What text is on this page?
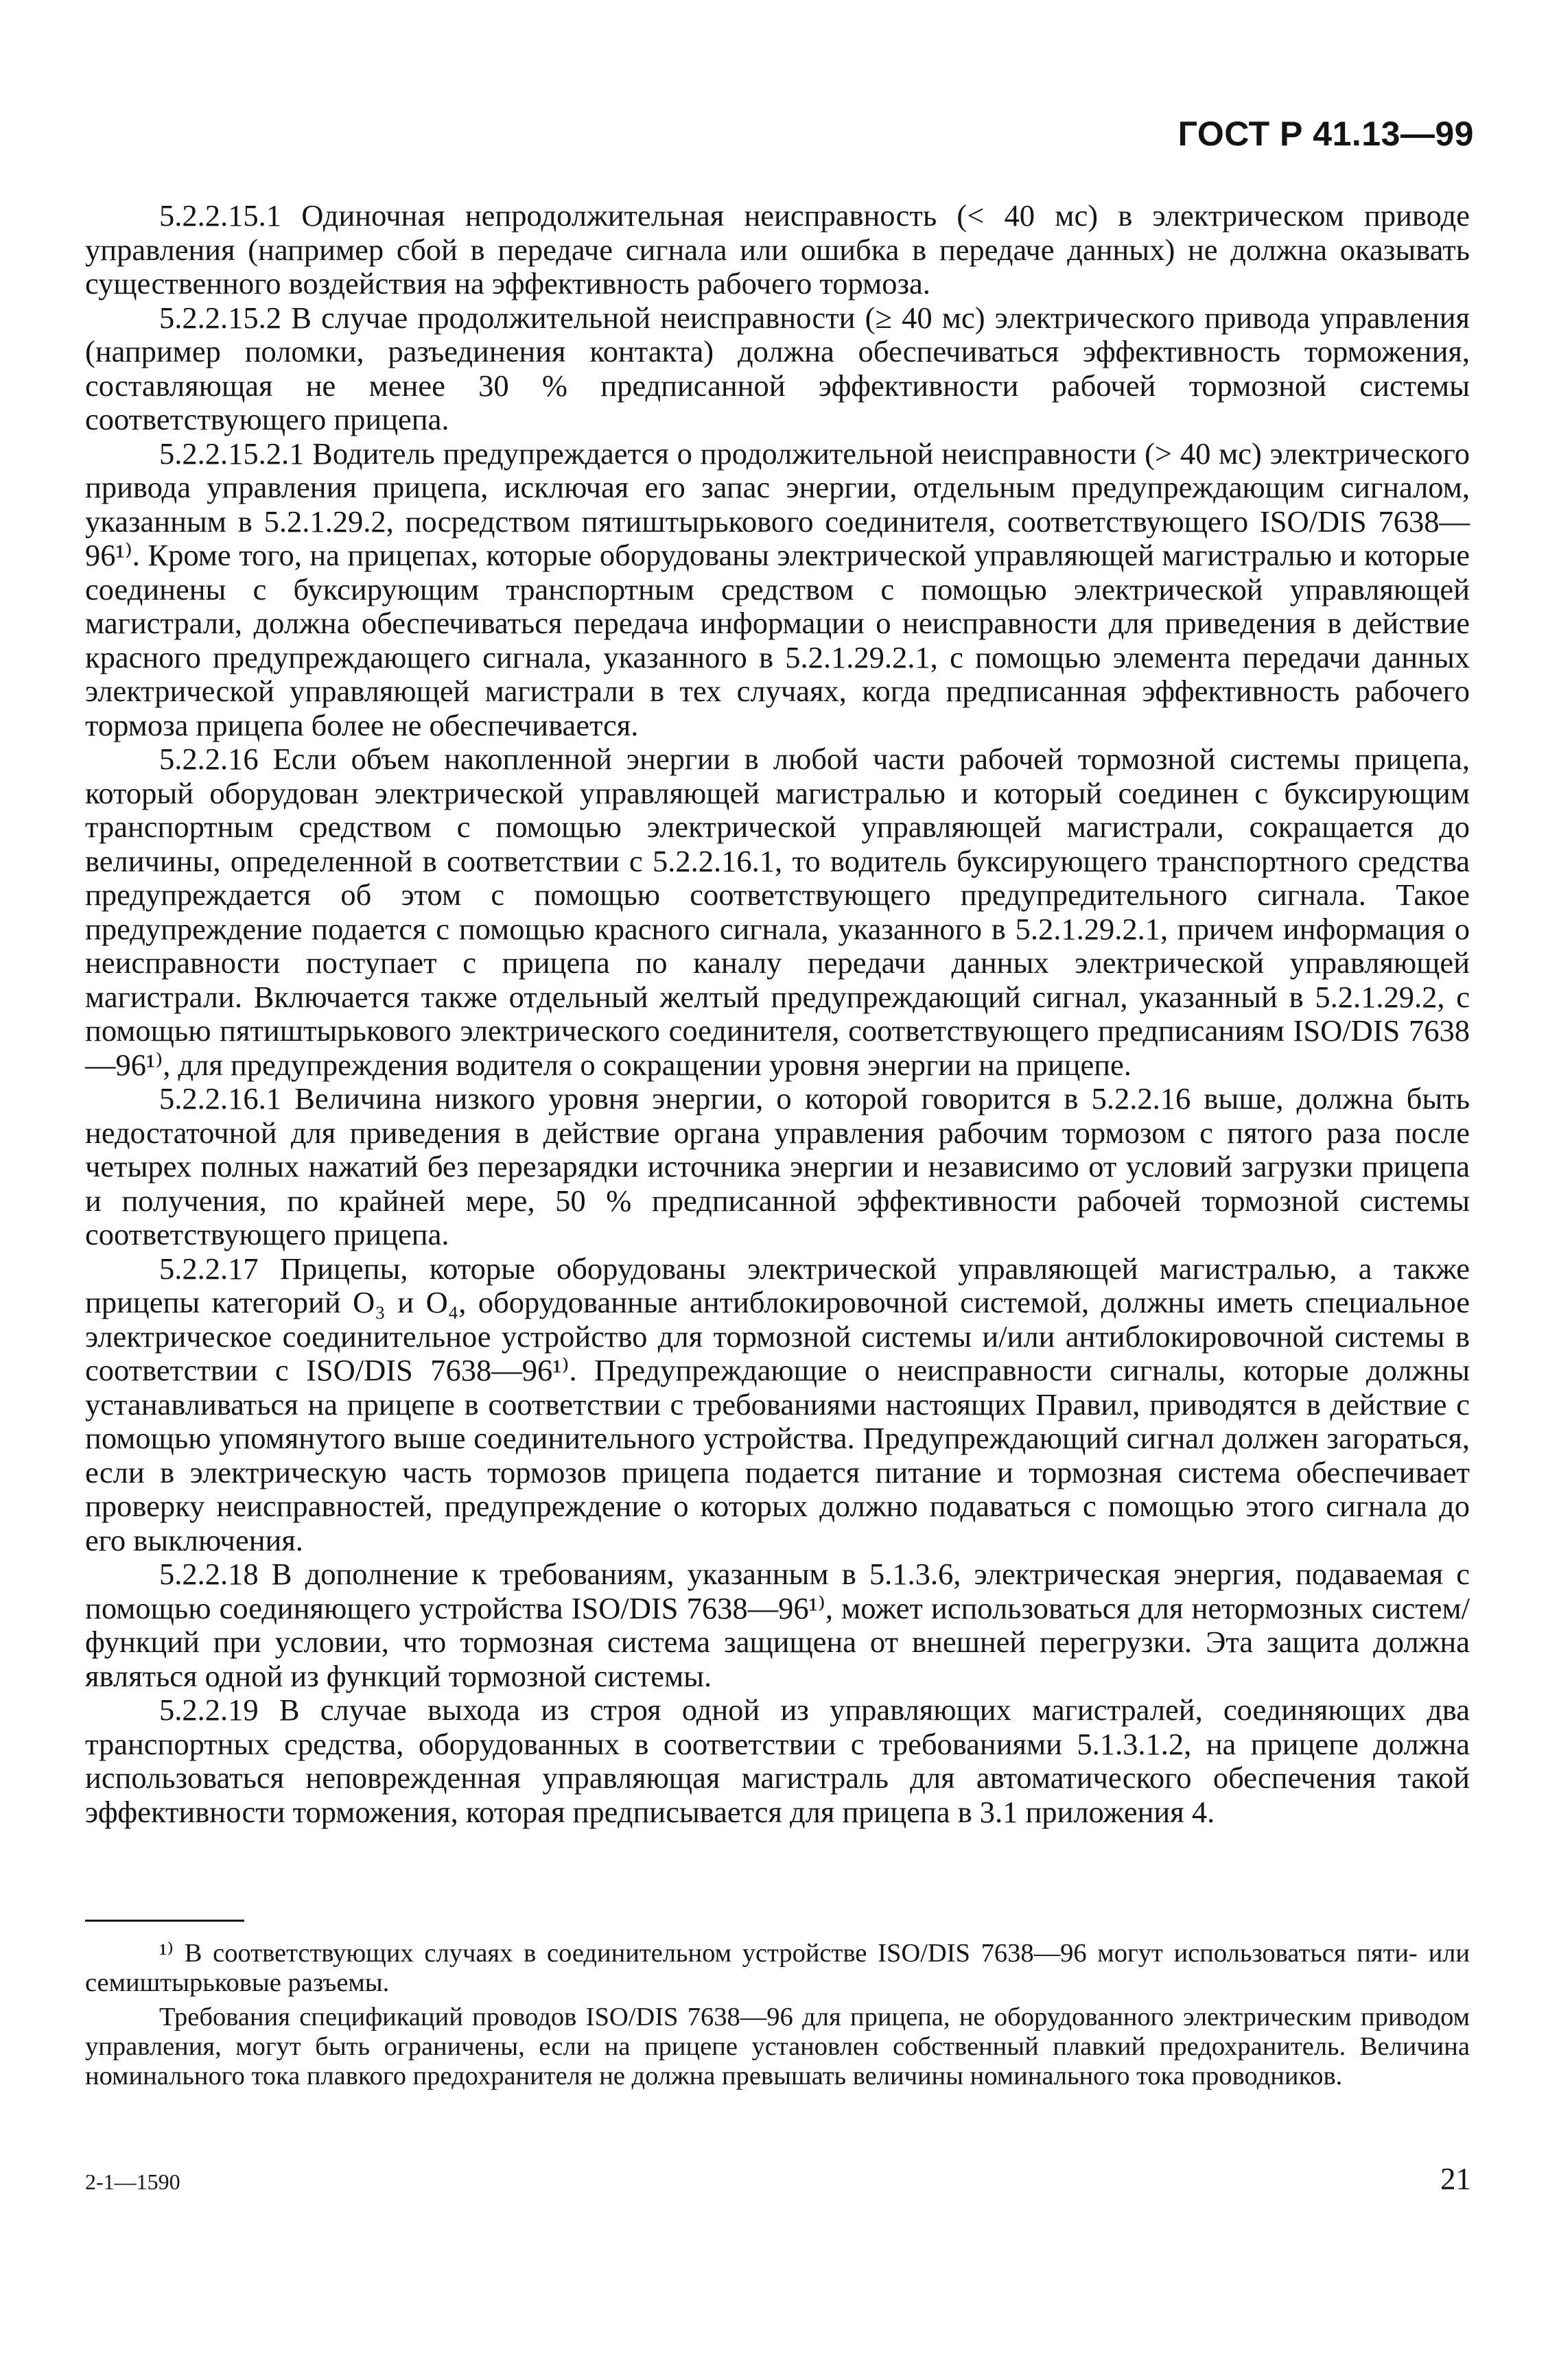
ГОСТ Р 41.13—99

5.2.2.15.1 Одиночная непродолжительная неисправность (< 40 мс) в электрическом приводе управления (например сбой в передаче сигнала или ошибка в передаче данных) не должна оказывать существенного воздействия на эффективность рабочего тормоза.

5.2.2.15.2 В случае продолжительной неисправности (≥ 40 мс) электрического привода управления (например поломки, разъединения контакта) должна обеспечиваться эффективность торможения, составляющая не менее 30 % предписанной эффективности рабочей тормозной системы соответствующего прицепа.

5.2.2.15.2.1 Водитель предупреждается о продолжительной неисправности (> 40 мс) электрического привода управления прицепа, исключая его запас энергии, отдельным предупреждающим сигналом, указанным в 5.2.1.29.2, посредством пятиштырькового соединителя, соответствующего ISO/DIS 7638—96¹⁾. Кроме того, на прицепах, которые оборудованы электрической управляющей магистралью и которые соединены с буксирующим транспортным средством с помощью электрической управляющей магистрали, должна обеспечиваться передача информации о неисправности для приведения в действие красного предупреждающего сигнала, указанного в 5.2.1.29.2.1, с помощью элемента передачи данных электрической управляющей магистрали в тех случаях, когда предписанная эффективность рабочего тормоза прицепа более не обеспечивается.

5.2.2.16 Если объем накопленной энергии в любой части рабочей тормозной системы прицепа, который оборудован электрической управляющей магистралью и который соединен с буксирующим транспортным средством с помощью электрической управляющей магистрали, сокращается до величины, определенной в соответствии с 5.2.2.16.1, то водитель буксирующего транспортного средства предупреждается об этом с помощью соответствующего предупредительного сигнала. Такое предупреждение подается с помощью красного сигнала, указанного в 5.2.1.29.2.1, причем информация о неисправности поступает с прицепа по каналу передачи данных электрической управляющей магистрали. Включается также отдельный желтый предупреждающий сигнал, указанный в 5.2.1.29.2, с помощью пятиштырькового электрического соединителя, соответствующего предписаниям ISO/DIS 7638—96¹⁾, для предупреждения водителя о сокращении уровня энергии на прицепе.

5.2.2.16.1 Величина низкого уровня энергии, о которой говорится в 5.2.2.16 выше, должна быть недостаточной для приведения в действие органа управления рабочим тормозом с пятого раза после четырех полных нажатий без перезарядки источника энергии и независимо от условий загрузки прицепа и получения, по крайней мере, 50 % предписанной эффективности рабочей тормозной системы соответствующего прицепа.

5.2.2.17 Прицепы, которые оборудованы электрической управляющей магистралью, а также прицепы категорий O₃ и O₄, оборудованные антиблокировочной системой, должны иметь специальное электрическое соединительное устройство для тормозной системы и/или антиблокировочной системы в соответствии с ISO/DIS 7638—96¹⁾. Предупреждающие о неисправности сигналы, которые должны устанавливаться на прицепе в соответствии с требованиями настоящих Правил, приводятся в действие с помощью упомянутого выше соединительного устройства. Предупреждающий сигнал должен загораться, если в электрическую часть тормозов прицепа подается питание и тормозная система обеспечивает проверку неисправностей, предупреждение о которых должно подаваться с помощью этого сигнала до его выключения.

5.2.2.18 В дополнение к требованиям, указанным в 5.1.3.6, электрическая энергия, подаваемая с помощью соединяющего устройства ISO/DIS 7638—96¹⁾, может использоваться для нетормозных систем/функций при условии, что тормозная система защищена от внешней перегрузки. Эта защита должна являться одной из функций тормозной системы.

5.2.2.19 В случае выхода из строя одной из управляющих магистралей, соединяющих два транспортных средства, оборудованных в соответствии с требованиями 5.1.3.1.2, на прицепе должна использоваться неповрежденная управляющая магистраль для автоматического обеспечения такой эффективности торможения, которая предписывается для прицепа в 3.1 приложения 4.

¹⁾ В соответствующих случаях в соединительном устройстве ISO/DIS 7638—96 могут использоваться пяти- или семиштырьковые разъемы.

Требования спецификаций проводов ISO/DIS 7638—96 для прицепа, не оборудованного электрическим приводом управления, могут быть ограничены, если на прицепе установлен собственный плавкий предохранитель. Величина номинального тока плавкого предохранителя не должна превышать величины номинального тока проводников.

2-1—1590	21
